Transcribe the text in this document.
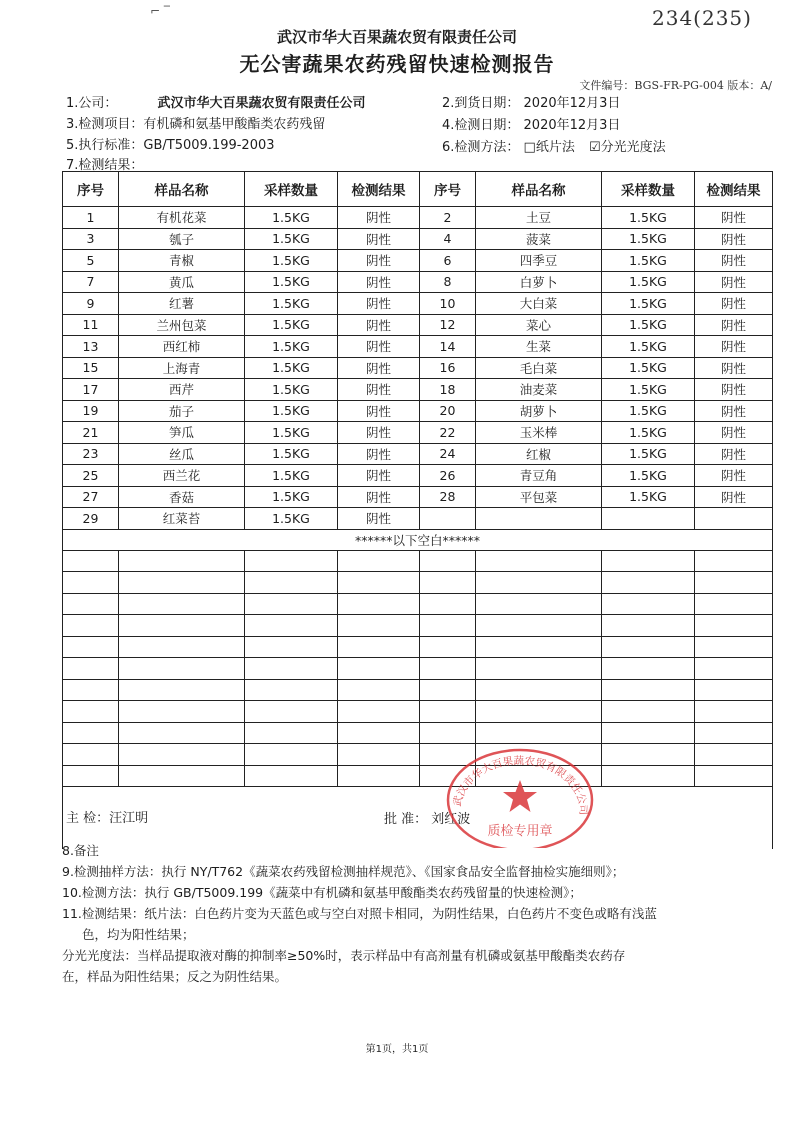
⌐ ‾	234(235)
武汉市华大百果蔬农贸有限责任公司
无公害蔬果农药残留快速检测报告
文件编号：BGS-FR-PG-004 版本：A/
1.公司：	武汉市华大百果蔬农贸有限责任公司	2.到货日期： 2020年12月3日
3.检测项目：有机磷和氨基甲酸酯类农药残留	4.检测日期： 2020年12月3日
5.执行标准：GB/T5009.199-2003	6.检测方法： □纸片法 ☑分光光度法
7.检测结果：
序号	样品名称	采样数量	检测结果	序号	样品名称	采样数量	检测结果
1	有机花菜	1.5KG	阴性	2	土豆	1.5KG	阴性
3	瓠子	1.5KG	阴性	4	菠菜	1.5KG	阴性
5	青椒	1.5KG	阴性	6	四季豆	1.5KG	阴性
7	黄瓜	1.5KG	阴性	8	白萝卜	1.5KG	阴性
9	红薯	1.5KG	阴性	10	大白菜	1.5KG	阴性
11	兰州包菜	1.5KG	阴性	12	菜心	1.5KG	阴性
13	西红柿	1.5KG	阴性	14	生菜	1.5KG	阴性
15	上海青	1.5KG	阴性	16	毛白菜	1.5KG	阴性
17	西芹	1.5KG	阴性	18	油麦菜	1.5KG	阴性
19	茄子	1.5KG	阴性	20	胡萝卜	1.5KG	阴性
21	笋瓜	1.5KG	阴性	22	玉米棒	1.5KG	阴性
23	丝瓜	1.5KG	阴性	24	红椒	1.5KG	阴性
25	西兰花	1.5KG	阴性	26	青豆角	1.5KG	阴性
27	香菇	1.5KG	阴性	28	平包菜	1.5KG	阴性
29	红菜苔	1.5KG	阴性				
******以下空白******							

主 检：汪江明	批 准： 刘红波
武汉市华大百果蔬农贸有限责任公司
质检专用章
8.备注
9.检测抽样方法：执行 NY/T762《蔬菜农药残留检测抽样规范》、《国家食品安全监督抽检实施细则》；
10.检测方法：执行 GB/T5009.199《蔬菜中有机磷和氨基甲酸酯类农药残留量的快速检测》；
11.检测结果：纸片法：白色药片变为天蓝色或与空白对照卡相同，为阴性结果，白色药片不变色或略有浅蓝
色，均为阳性结果；
分光光度法：当样品提取液对酶的抑制率≥50%时，表示样品中有高剂量有机磷或氨基甲酸酯类农药存
在，样品为阳性结果；反之为阴性结果。
第1页，共1页
